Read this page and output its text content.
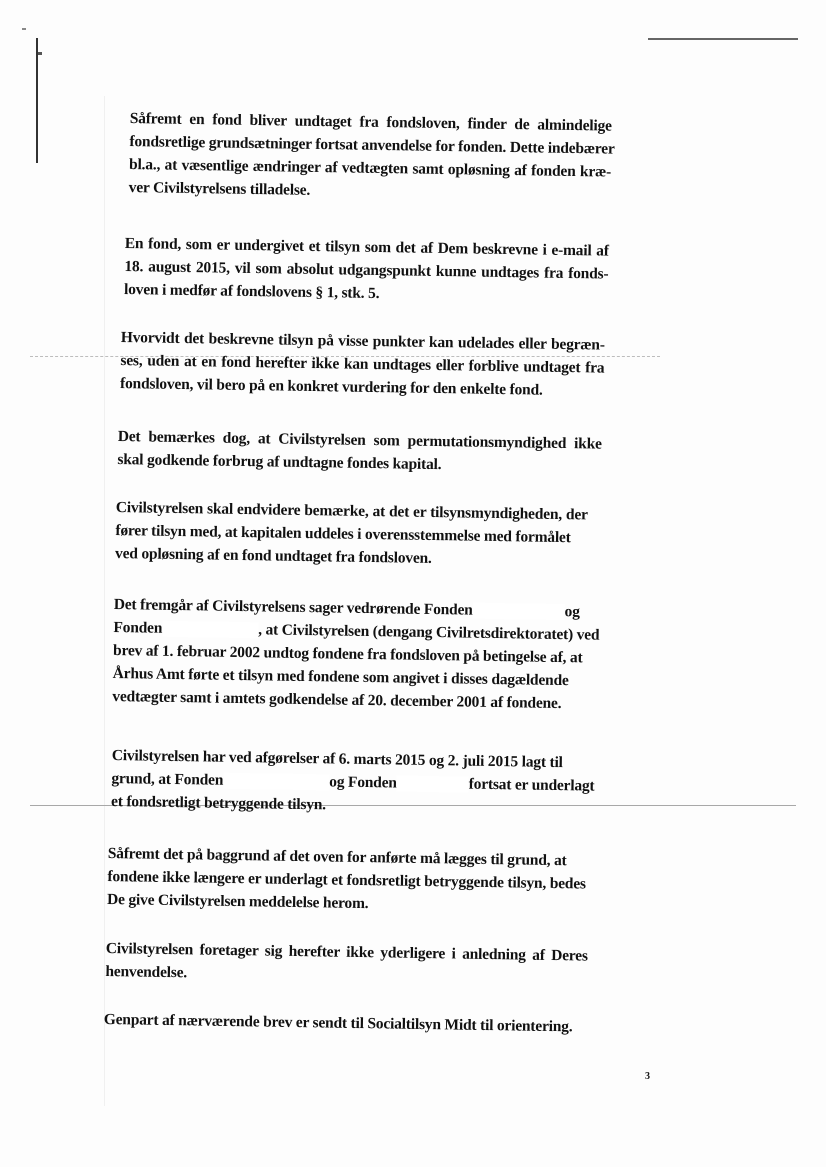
Såfremt en fond bliver undtaget fra fondsloven, finder de almindelige
fondsretlige grundsætninger fortsat anvendelse for fonden. Dette indebærer
bl.a., at væsentlige ændringer af vedtægten samt opløsning af fonden kræ-
ver Civilstyrelsens tilladelse.
En fond, som er undergivet et tilsyn som det af Dem beskrevne i e-mail af
18. august 2015, vil som absolut udgangspunkt kunne undtages fra fonds-
loven i medfør af fondslovens § 1, stk. 5.
Hvorvidt det beskrevne tilsyn på visse punkter kan udelades eller begræn-
ses, uden at en fond herefter ikke kan undtages eller forblive undtaget fra
fondsloven, vil bero på en konkret vurdering for den enkelte fond.
Det bemærkes dog, at Civilstyrelsen som permutationsmyndighed ikke
skal godkende forbrug af undtagne fondes kapital.
Civilstyrelsen skal endvidere bemærke, at det er tilsynsmyndigheden, der
fører tilsyn med, at kapitalen uddeles i overensstemmelse med formålet
ved opløsning af en fond undtaget fra fondsloven.
Det fremgår af Civilstyrelsens sager vedrørende Fonden	og
Fonden	, at Civilstyrelsen (dengang Civilretsdirektoratet) ved
brev af 1. februar 2002 undtog fondene fra fondsloven på betingelse af, at
Århus Amt førte et tilsyn med fondene som angivet i disses dagældende
vedtægter samt i amtets godkendelse af 20. december 2001 af fondene.
Civilstyrelsen har ved afgørelser af 6. marts 2015 og 2. juli 2015 lagt til
grund, at Fonden	og Fonden	fortsat er underlagt
et fondsretligt betryggende tilsyn.
Såfremt det på baggrund af det oven for anførte må lægges til grund, at
fondene ikke længere er underlagt et fondsretligt betryggende tilsyn, bedes
De give Civilstyrelsen meddelelse herom.
Civilstyrelsen foretager sig herefter ikke yderligere i anledning af Deres
henvendelse.
Genpart af nærværende brev er sendt til Socialtilsyn Midt til orientering.
3
